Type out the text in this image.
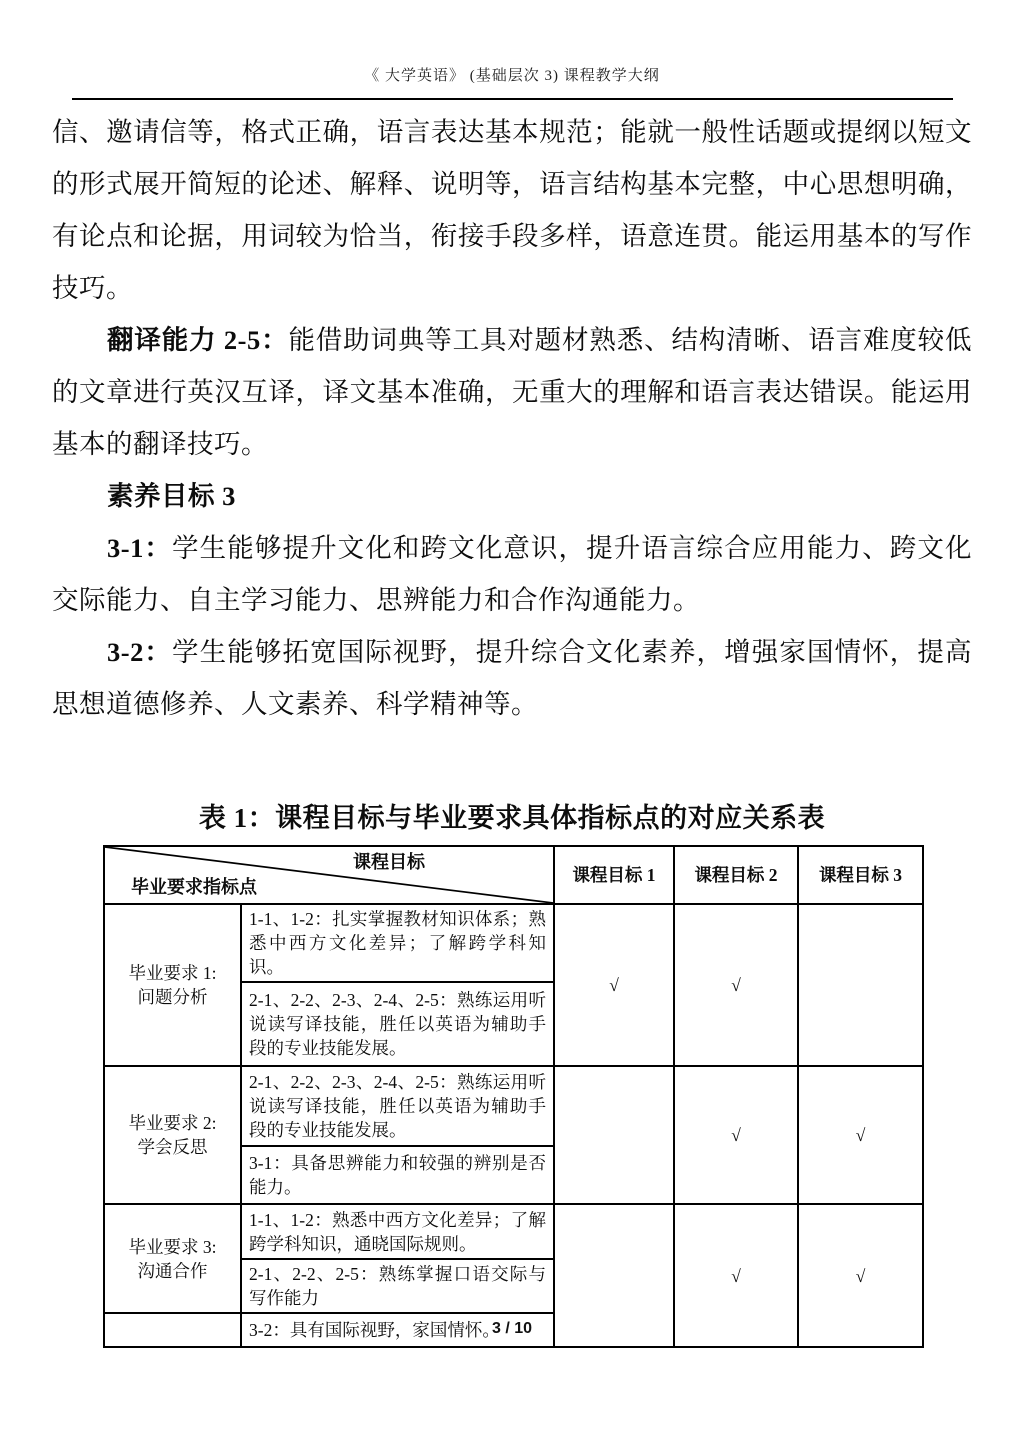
《 大学英语》 (基础层次 3) 课程教学大纲

信、邀请信等，格式正确，语言表达基本规范；能就一般性话题或提纲以短文的形式展开简短的论述、解释、说明等，语言结构基本完整，中心思想明确，有论点和论据，用词较为恰当，衔接手段多样，语意连贯。能运用基本的写作技巧。

翻译能力 2-5：能借助词典等工具对题材熟悉、结构清晰、语言难度较低的文章进行英汉互译，译文基本准确，无重大的理解和语言表达错误。能运用基本的翻译技巧。

素养目标 3

3-1：学生能够提升文化和跨文化意识，提升语言综合应用能力、跨文化交际能力、自主学习能力、思辨能力和合作沟通能力。

3-2：学生能够拓宽国际视野，提升综合文化素养，增强家国情怀，提高思想道德修养、人文素养、科学精神等。

表 1：课程目标与毕业要求具体指标点的对应关系表
课程目标
毕业要求指标点		课程目标 1	课程目标 2	课程目标 3
毕业要求 1:
问题分析	1-1、1-2：扎实掌握教材知识体系；熟悉中西方文化差异；了解跨学科知识。	√	√	
	2-1、2-2、2-3、2-4、2-5：熟练运用听说读写译技能，胜任以英语为辅助手段的专业技能发展。			
毕业要求 2:
学会反思	2-1、2-2、2-3、2-4、2-5：熟练运用听说读写译技能，胜任以英语为辅助手段的专业技能发展。		√	√
	3-1：具备思辨能力和较强的辨别是否能力。			
毕业要求 3:
沟通合作	1-1、1-2：熟悉中西方文化差异；了解跨学科知识，通晓国际规则。		√	√
	2-1、2-2、2-5：熟练掌握口语交际与写作能力			
	3-2：具有国际视野，家国情怀。			
3 / 10
